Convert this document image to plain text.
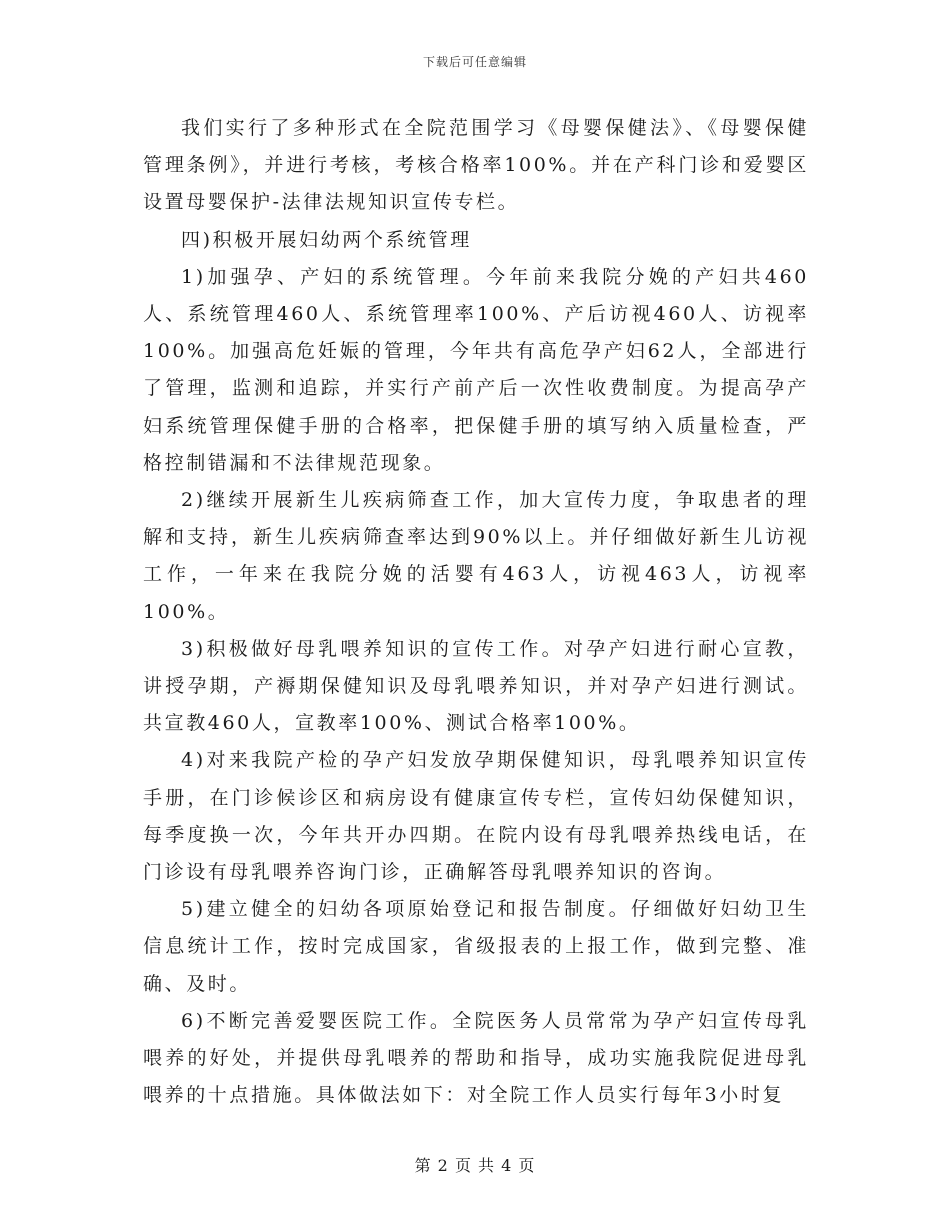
下载后可任意编辑

我们实行了多种形式在全院范围学习《母婴保健法》、《母婴保健管理条例》，并进行考核，考核合格率100%。并在产科门诊和爱婴区设置母婴保护-法律法规知识宣传专栏。

四)积极开展妇幼两个系统管理

1)加强孕、产妇的系统管理。今年前来我院分娩的产妇共460人、系统管理460人、系统管理率100%、产后访视460人、访视率100%。加强高危妊娠的管理，今年共有高危孕产妇62人，全部进行了管理，监测和追踪，并实行产前产后一次性收费制度。为提高孕产妇系统管理保健手册的合格率，把保健手册的填写纳入质量检查，严格控制错漏和不法律规范现象。

2)继续开展新生儿疾病筛查工作，加大宣传力度，争取患者的理解和支持，新生儿疾病筛查率达到90%以上。并仔细做好新生儿访视工作，一年来在我院分娩的活婴有463人，访视463人，访视率100%。

3)积极做好母乳喂养知识的宣传工作。对孕产妇进行耐心宣教，讲授孕期，产褥期保健知识及母乳喂养知识，并对孕产妇进行测试。共宣教460人，宣教率100%、测试合格率100%。

4)对来我院产检的孕产妇发放孕期保健知识，母乳喂养知识宣传手册，在门诊候诊区和病房设有健康宣传专栏，宣传妇幼保健知识，每季度换一次，今年共开办四期。在院内设有母乳喂养热线电话，在门诊设有母乳喂养咨询门诊，正确解答母乳喂养知识的咨询。

5)建立健全的妇幼各项原始登记和报告制度。仔细做好妇幼卫生信息统计工作，按时完成国家，省级报表的上报工作，做到完整、准确、及时。

6)不断完善爱婴医院工作。全院医务人员常常为孕产妇宣传母乳喂养的好处，并提供母乳喂养的帮助和指导，成功实施我院促进母乳喂养的十点措施。具体做法如下：对全院工作人员实行每年3小时复

第 2 页 共 4 页
